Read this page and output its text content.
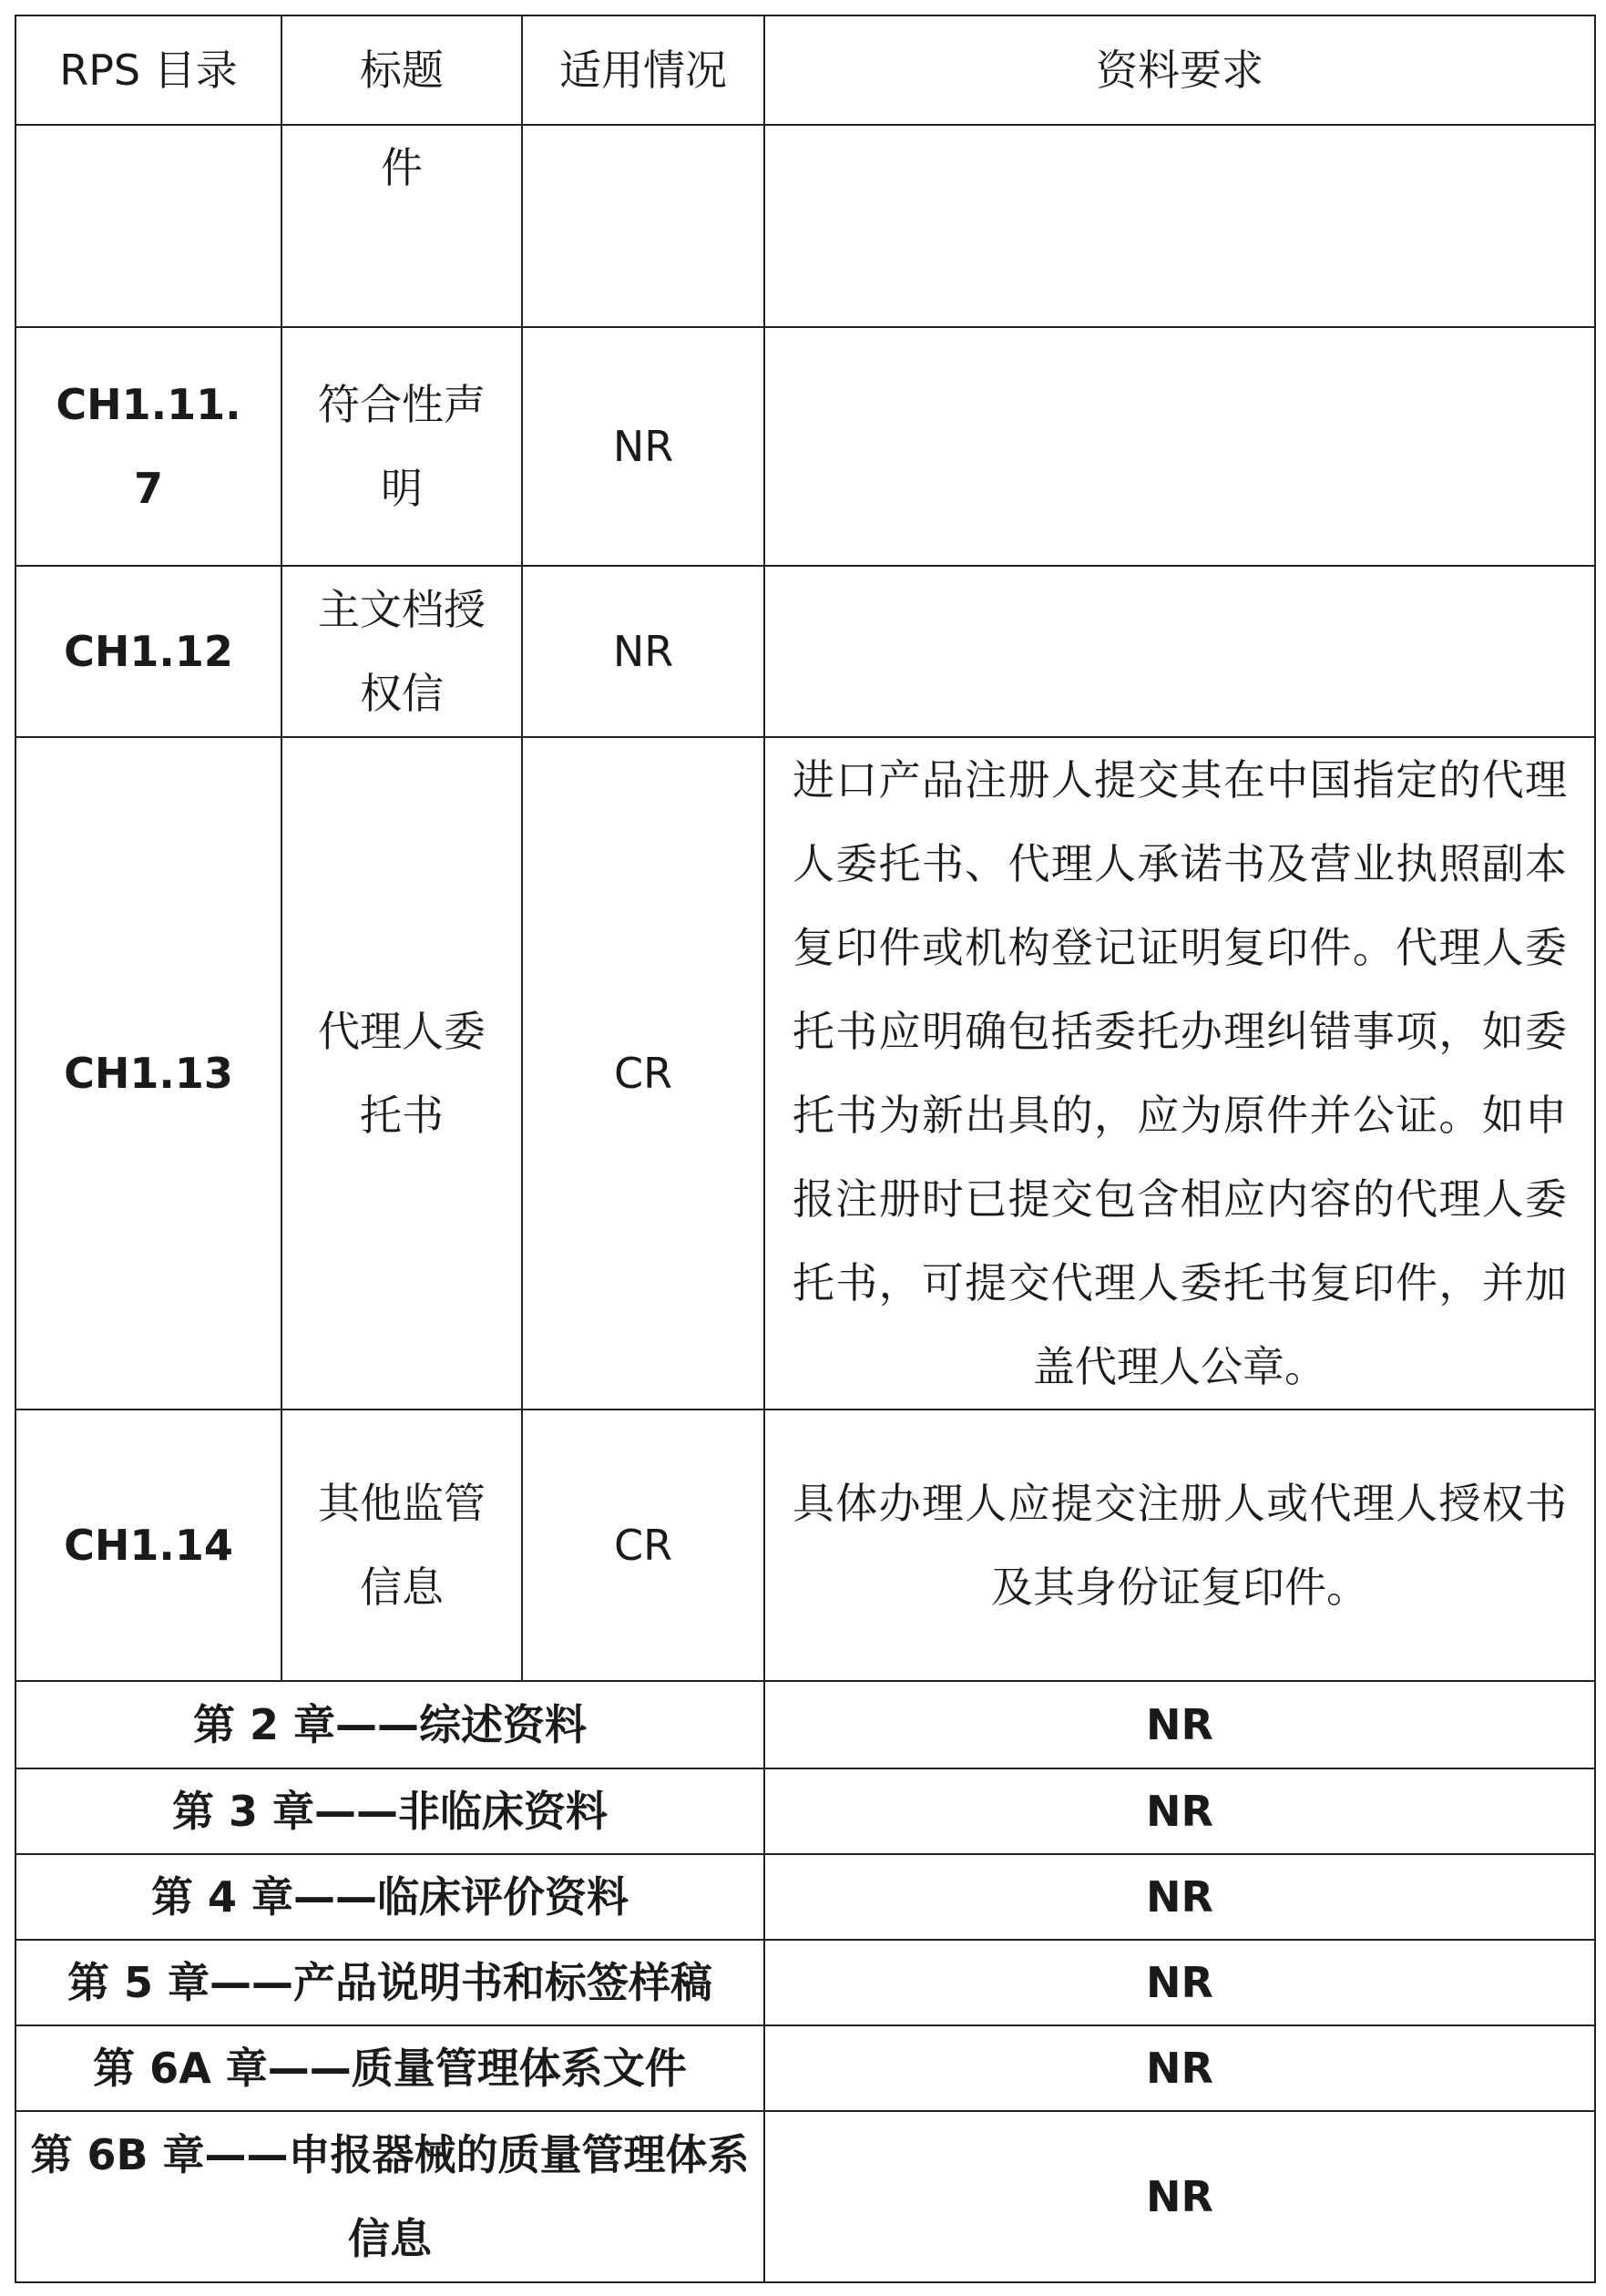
RPS 目录	标题	适用情况	资料要求
	件		
CH1.11.7	符合性声明	NR	
CH1.12	主文档授权信	NR	
CH1.13	代理人委托书	CR	进口产品注册人提交其在中国指定的代理人委托书、代理人承诺书及营业执照副本复印件或机构登记证明复印件。代理人委托书应明确包括委托办理纠错事项，如委托书为新出具的，应为原件并公证。如申报注册时已提交包含相应内容的代理人委托书，可提交代理人委托书复印件，并加盖代理人公章。
CH1.14	其他监管信息	CR	具体办理人应提交注册人或代理人授权书及其身份证复印件。
第 2 章——综述资料			NR
第 3 章——非临床资料			NR
第 4 章——临床评价资料			NR
第 5 章——产品说明书和标签样稿			NR
第 6A 章——质量管理体系文件			NR
第 6B 章——申报器械的质量管理体系信息			NR
